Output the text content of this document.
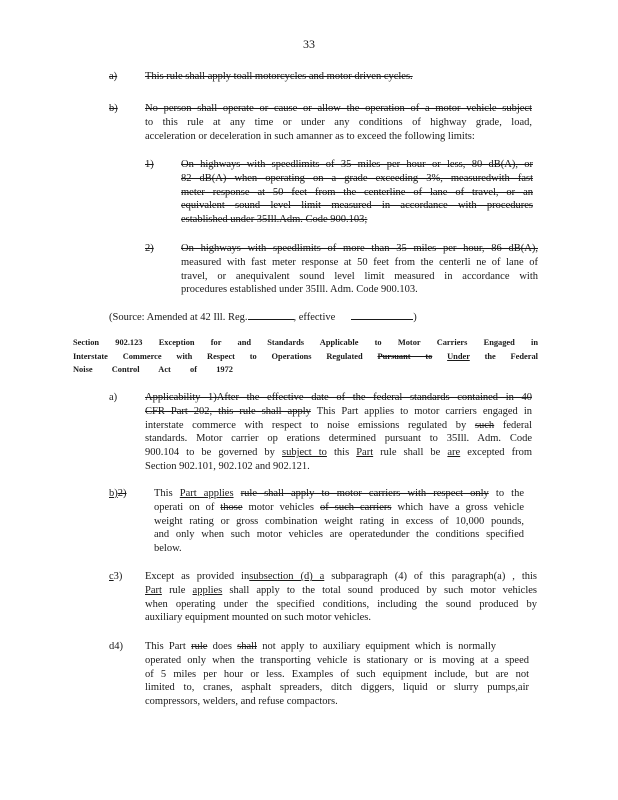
33
a)	This rule shall apply toall motorcycles and motor driven cycles.
b)	No person shall operate or cause or allow the operation of a motor vehicle subject
to this rule at any time or under any conditions of highway grade, load,
acceleration or deceleration in such amanner as to exceed the following limits:
1)	On highways with speedlimits of 35 miles per hour or less, 80 dB(A), or
82 dB(A) when operating on a grade exceeding 3%, measuredwith fast
meter response at 50 feet from the centerline of lane of travel, or an
equivalent sound level limit measured in accordance with procedures
established under 35Ill.Adm. Code 900.103;
2)	On highways with speedlimits of more than 35 miles per hour, 86 dB(A),
measured with fast meter response at 50 feet from the centerli ne of lane of
travel, or anequivalent sound level limit measured in accordance with
procedures established under 35Ill. Adm. Code 900.103.
(Source: Amended at 42 Ill. Reg.	, effective	)
Section 902.123 Exception for and Standards Applicable to Motor Carriers Engaged in
Interstate Commerce with Respect to Operations Regulated Pursuant to Under the Federal
Noise Control Act of 1972
a)	Applicability 1)After the effective date of the federal standards contained in 40
CFR Part 202, this rule shall apply This Part applies to motor carriers engaged in
interstate commerce with respect to noise emissions regulated by such federal
standards. Motor carrier op erations determined pursuant to 35Ill. Adm. Code
900.104 to be governed by subject to this Part rule shall be are excepted from
Section 902.101, 902.102 and 902.121.
b)2)	This Part applies rule shall apply to motor carriers with respect only to the
operati on of those motor vehicles of such carriers which have a gross vehicle
weight rating or gross combination weight rating in excess of 10,000 pounds,
and only when such motor vehicles are operatedunder the conditions specified
below.
c3) Except as provided insubsection (d) a subparagraph (4) of this paragraph(a) , this
Part rule applies shall apply to the total sound produced by such motor vehicles
when operating under the specified conditions, including the sound produced by
auxiliary equipment mounted on such motor vehicles.
d4) This Part rule does shall not apply to auxiliary equipment which is normally
operated only when the transporting vehicle is stationary or is moving at a speed
of 5 miles per hour or less. Examples of such equipment include, but are not
limited to, cranes, asphalt spreaders, ditch diggers, liquid or slurry pumps,air
compressors, welders, and refuse compactors.
